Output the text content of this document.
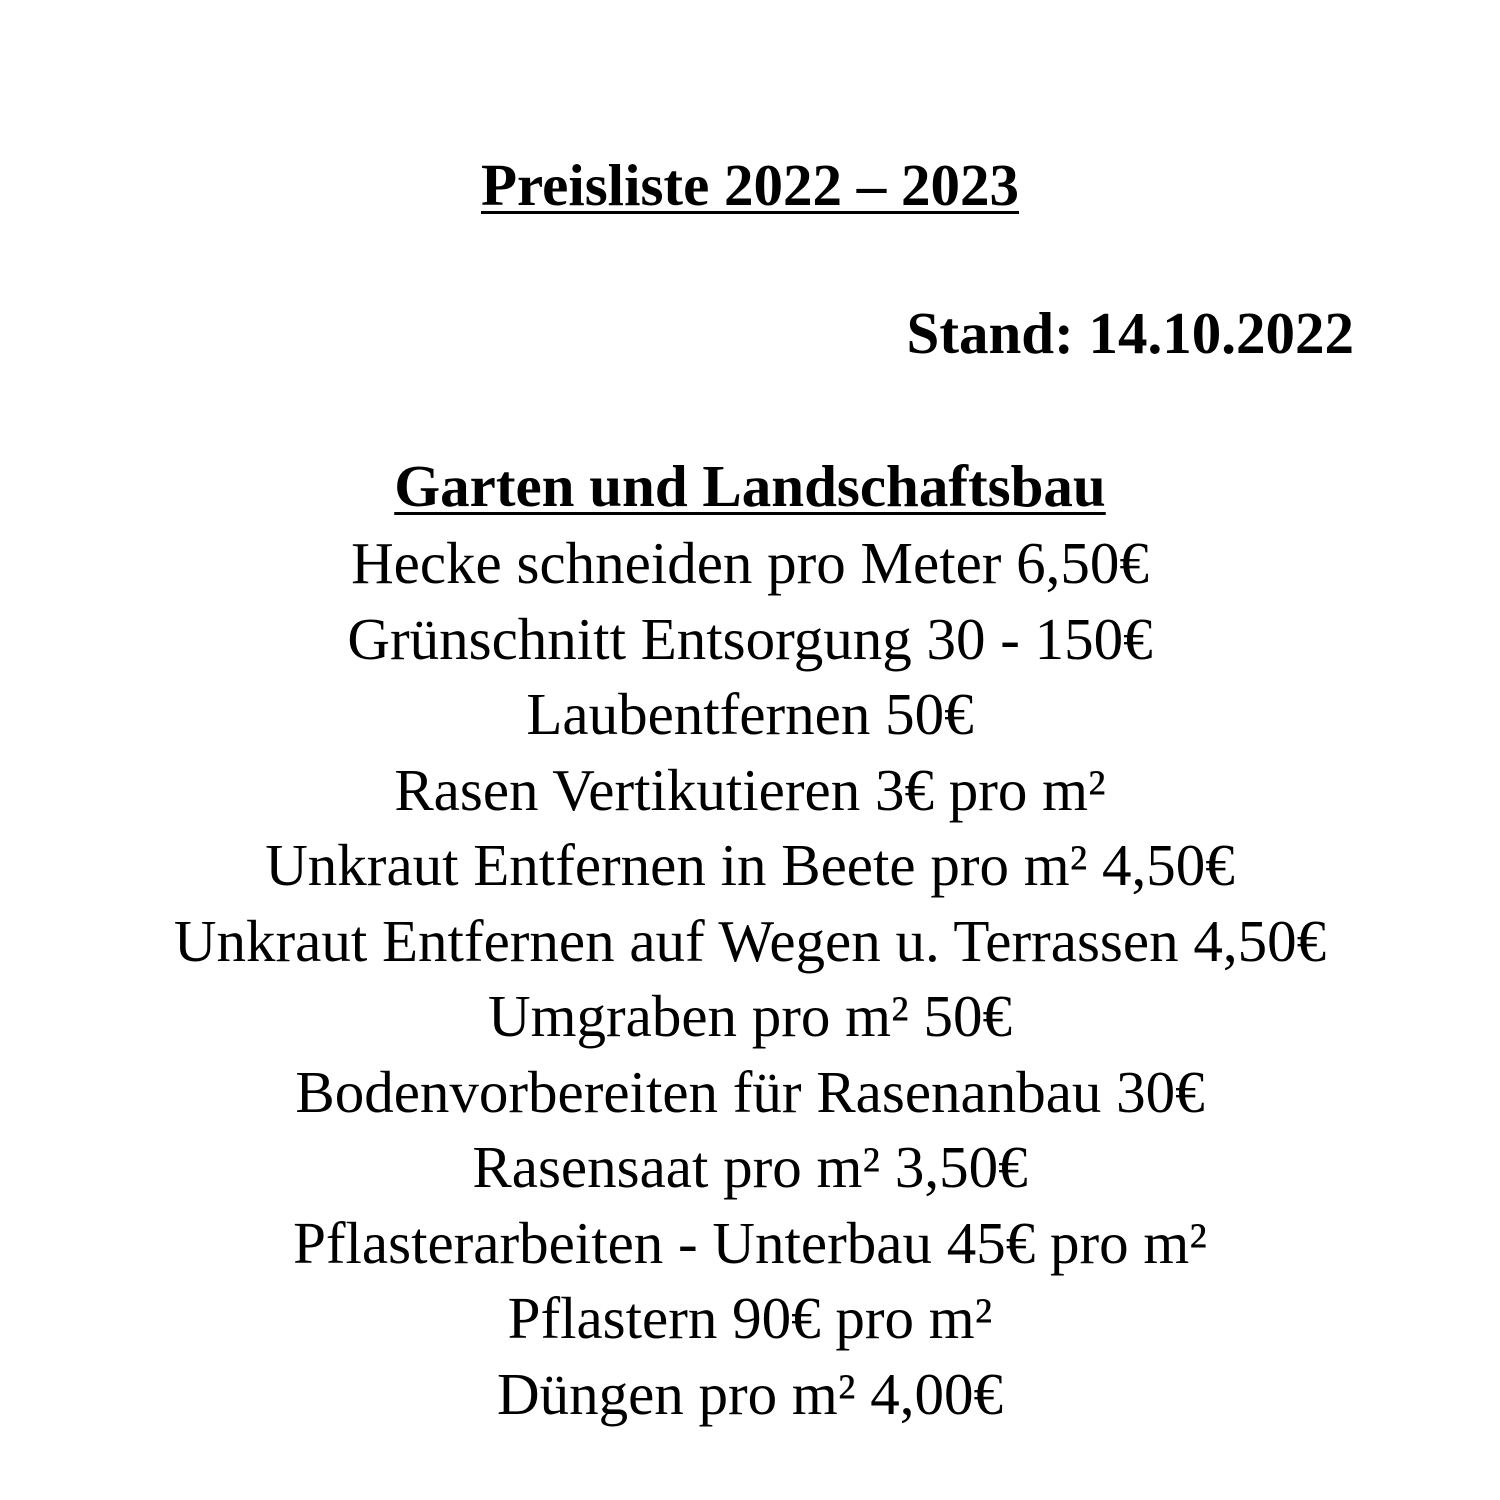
Preisliste 2022 – 2023
Stand: 14.10.2022
Garten und Landschaftsbau
Hecke schneiden pro Meter 6,50€
Grünschnitt Entsorgung 30 - 150€
Laubentfernen 50€
Rasen Vertikutieren 3€ pro m²
Unkraut Entfernen in Beete pro m² 4,50€
Unkraut Entfernen auf Wegen u. Terrassen 4,50€
Umgraben pro m² 50€
Bodenvorbereiten für Rasenanbau 30€
Rasensaat pro m² 3,50€
Pflasterarbeiten - Unterbau 45€ pro m²
Pflastern 90€ pro m²
Düngen pro m² 4,00€
